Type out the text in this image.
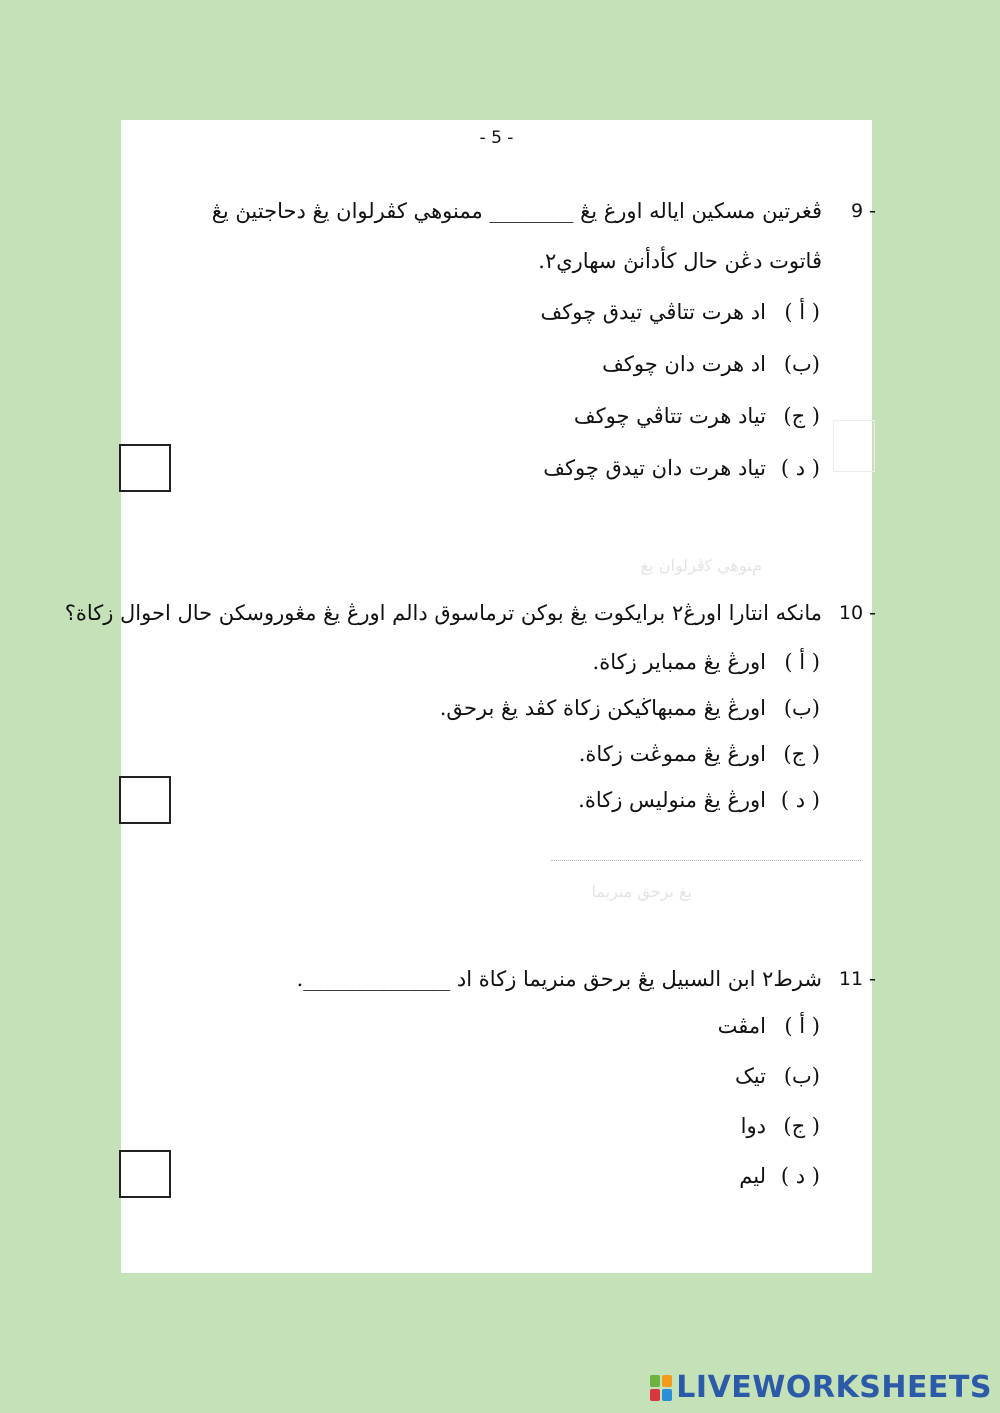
- 5 -
ﻡﻨﻮﻫﻲ ﻛﭬﺮﻟﻮاﻥ ﻳﻎ
ﻳﻎ ﺑﺮﺣﻖ ﻣﻨﺮﻳﻤﺎ
9 -
ڤغرتين مسكين اياله اورغ يڠ ________ ممنوهي کڤرلوان يڠ دحاجتيڽ يڠ
ڤاتوت دڠن حال كأدأنڽ سهاري٢.
( أ )اد هرت تتاڤي تيدق چوکف
(ب)اد هرت دان چوکف
( ج)تياد هرت تتاڤي چوکف
( د )تياد هرت دان تيدق چوکف
10 -
مانکه انتارا اورڠ٢ برايکوت يڠ بوکن ترماسوق دالم اورڠ يڠ مڠوروسکن حال احوال زکاة؟
( أ )اورڠ يڠ ممباير زکاة.
(ب)اورڠ يڠ ممبهاڬيکن زکاة کڤد يڠ برحق.
( ج)اورڠ يڠ مموڠت زکاة.
( د )اورڠ يڠ منوليس زکاة.
11 -
شرط٢ ابن السبيل يڠ برحق منريما زکاة اد ______________.
( أ )امڤت
(ب)تيک
( ج)دوا
( د )ليم
LIVEWORKSHEETS
